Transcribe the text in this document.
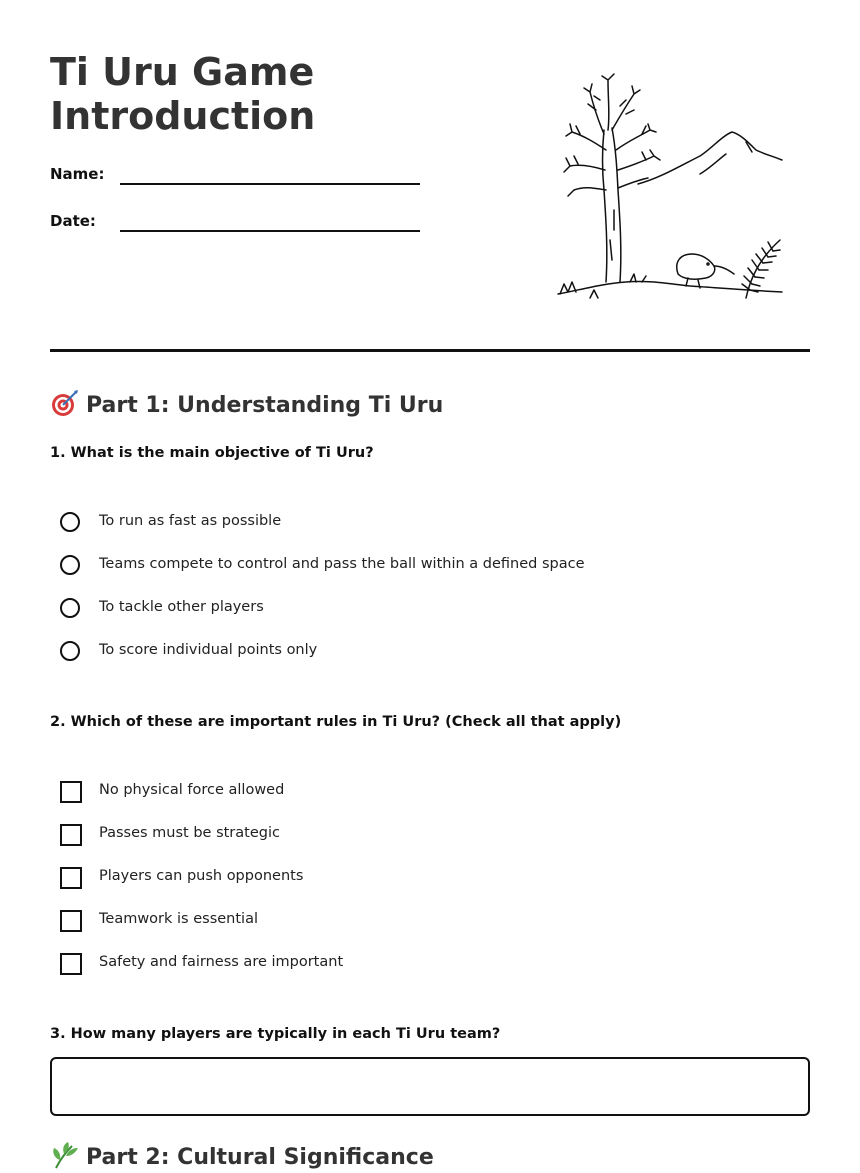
Ti Uru Game
Introduction
Name:
Date:
Part 1: Understanding Ti Uru

1. What is the main objective of Ti Uru?

To run as fast as possible
Teams compete to control and pass the ball within a defined space
To tackle other players
To score individual points only

2. Which of these are important rules in Ti Uru? (Check all that apply)

No physical force allowed
Passes must be strategic
Players can push opponents
Teamwork is essential
Safety and fairness are important

3. How many players are typically in each Ti Uru team?

Part 2: Cultural Significance
